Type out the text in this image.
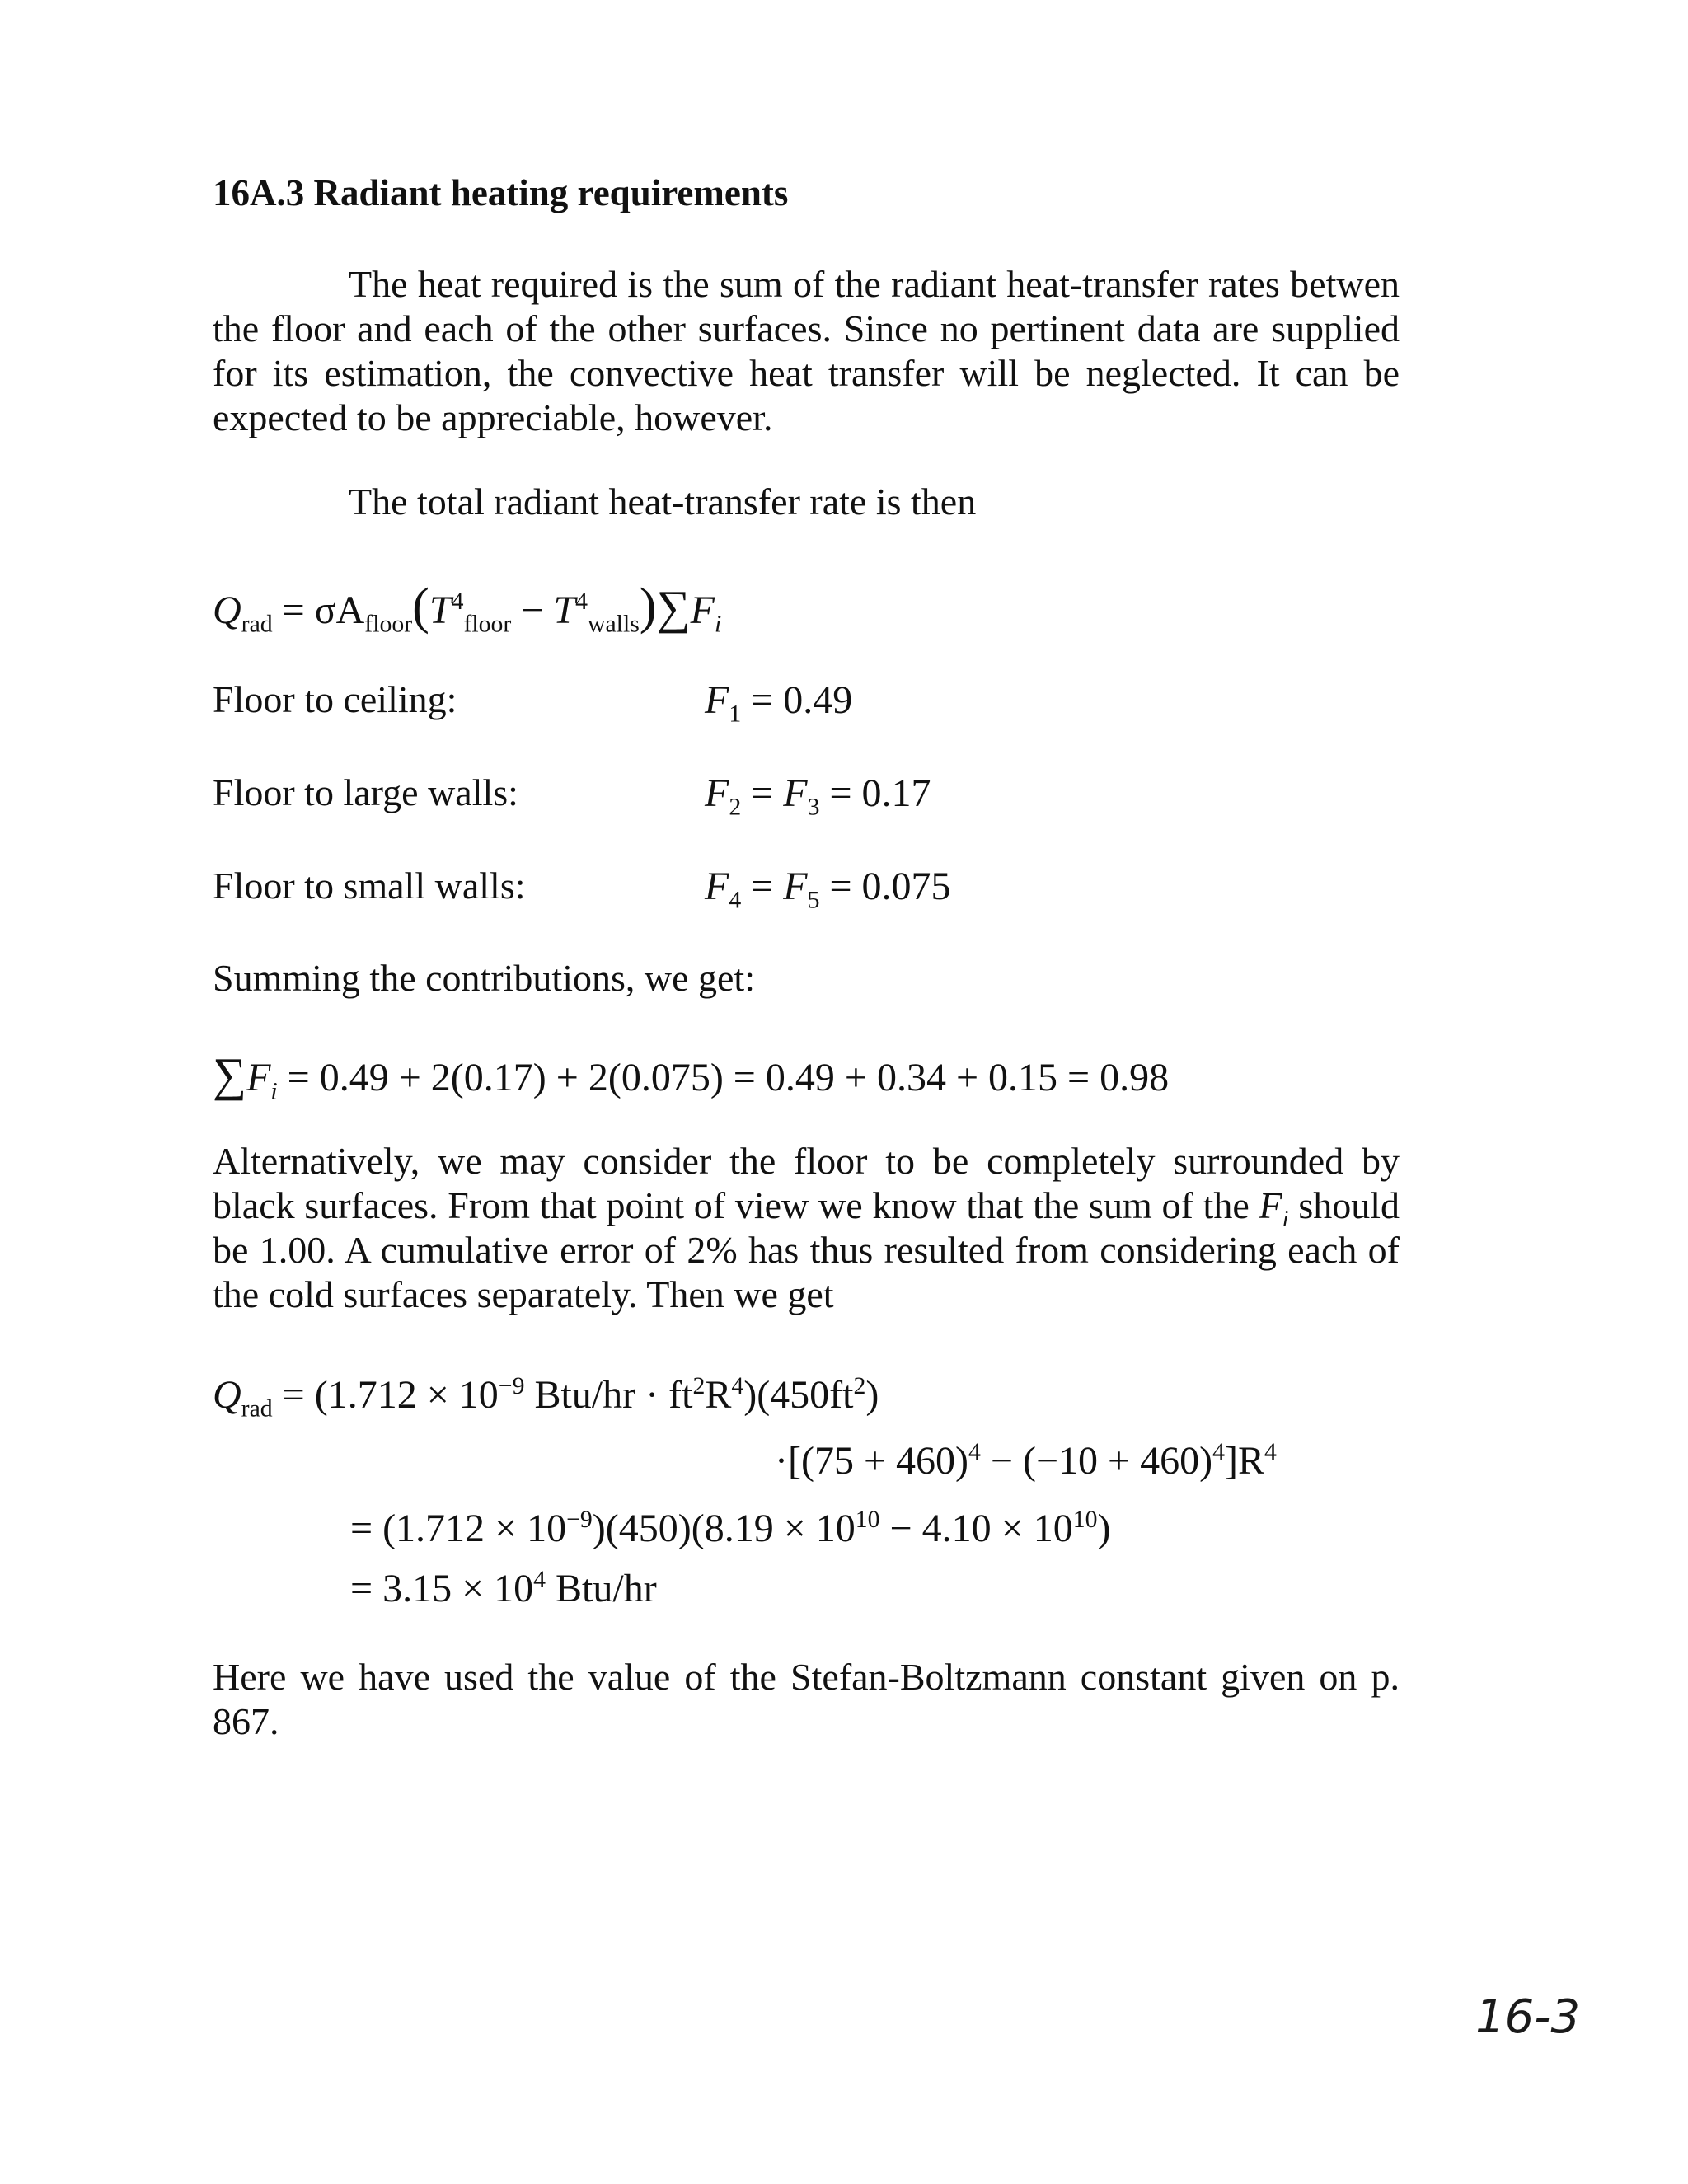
16A.3 Radiant heating requirements
The heat required is the sum of the radiant heat-transfer rates betwen the floor and each of the other surfaces. Since no pertinent data are supplied for its estimation, the convective heat transfer will be neglected. It can be expected to be appreciable, however.
The total radiant heat-transfer rate is then
$Q_{rad} = \sigma A_{floor}(T^4_{floor} - T^4_{walls})\sum F_i$
Floor to ceiling:	$F_1 = 0.49$
Floor to large walls:	$F_2 = F_3 = 0.17$
Floor to small walls:	$F_4 = F_5 = 0.075$
Summing the contributions, we get:
$\sum F_i = 0.49 + 2(0.17) + 2(0.075) = 0.49 + 0.34 + 0.15 = 0.98$
Alternatively, we may consider the floor to be completely surrounded by black surfaces. From that point of view we know that the sum of the $F_i$ should be 1.00. A cumulative error of 2% has thus resulted from considering each of the cold surfaces separately. Then we get
$Q_{rad} = (1.712 \times 10^{-9}$ $Btu/hr \cdot ft^2R^4)(450ft^2)$
$\cdot[(75 + 460)^4 - (-10 + 460)^4]R^4$
= $(1.712 \times 10^{-9})(450)(8.19 \times 10^{10} - 4.10 \times 10^{10})$
= $3.15 \times 10^4$ Btu/hr
Here we have used the value of the Stefan-Boltzmann constant given on p. 867.
16-3
